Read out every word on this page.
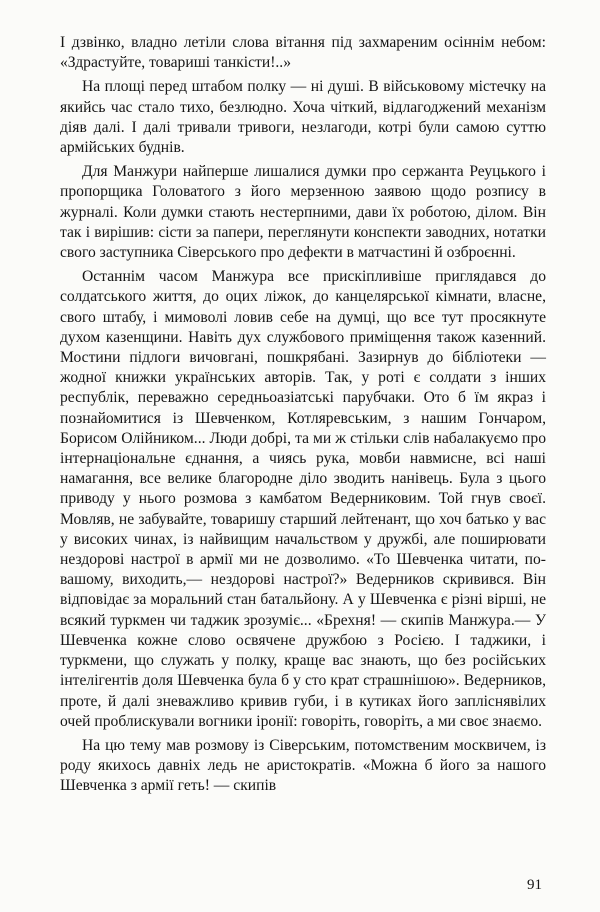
І дзвінко, владно летіли слова вітання під захмареним осіннім небом: «Здрастуйте, товариші танкісти!..»

На площі перед штабом полку — ні душі. В військовому містечку на якийсь час стало тихо, безлюдно. Хоча чіткий, відлагоджений механізм діяв далі. І далі тривали тривоги, незлагоди, котрі були самою суттю армійських буднів.

Для Манжури найперше лишалися думки про сержанта Реуцького і пропорщика Головатого з його мерзенною заявою щодо розпису в журналі. Коли думки стають нестерпними, дави їх роботою, ділом. Він так і вирішив: сісти за папери, переглянути конспекти заводних, нотатки свого заступника Сіверського про дефекти в матчастині й озброєнні.

Останнім часом Манжура все прискіпливіше приглядався до солдатського життя, до оцих ліжок, до канцелярської кімнати, власне, свого штабу, і мимоволі ловив себе на думці, що все тут просякнуте духом казенщини. Навіть дух службового приміщення також казенний. Мостини підлоги вичовгані, пошкрябані. Зазирнув до бібліотеки — жодної книжки українських авторів. Так, у роті є солдати з інших республік, переважно середньоазіатські парубчаки. Ото б їм якраз і познайомитися із Шевченком, Котляревським, з нашим Гончаром, Борисом Олійником... Люди добрі, та ми ж стільки слів набалакуємо про інтернаціональне єднання, а чиясь рука, мовби навмисне, всі наші намагання, все велике благородне діло зводить нанівець. Була з цього приводу у нього розмова з камбатом Ведерниковим. Той гнув своєї. Мовляв, не забувайте, товаришу старший лейтенант, що хоч батько у вас у високих чинах, із найвищим начальством у дружбі, але поширювати нездорові настрої в армії ми не дозволимо. «То Шевченка читати, по-вашому, виходить,— нездорові настрої?» Ведерников скривився. Він відповідає за моральний стан батальйону. А у Шевченка є різні вірші, не всякий туркмен чи таджик зрозуміє... «Брехня! — скипів Манжура.— У Шевченка кожне слово освячене дружбою з Росією. І таджики, і туркмени, що служать у полку, краще вас знають, що без російських інтелігентів доля Шевченка була б у сто крат страшнішою». Ведерников, проте, й далі зневажливо кривив губи, і в кутиках його запліснявілих очей проблискували вогники іронії: говоріть, говоріть, а ми своє знаємо.

На цю тему мав розмову із Сіверським, потомственим москвичем, із роду якихось давніх ледь не аристократів. «Можна б його за нашого Шевченка з армії геть! — скипів

91
